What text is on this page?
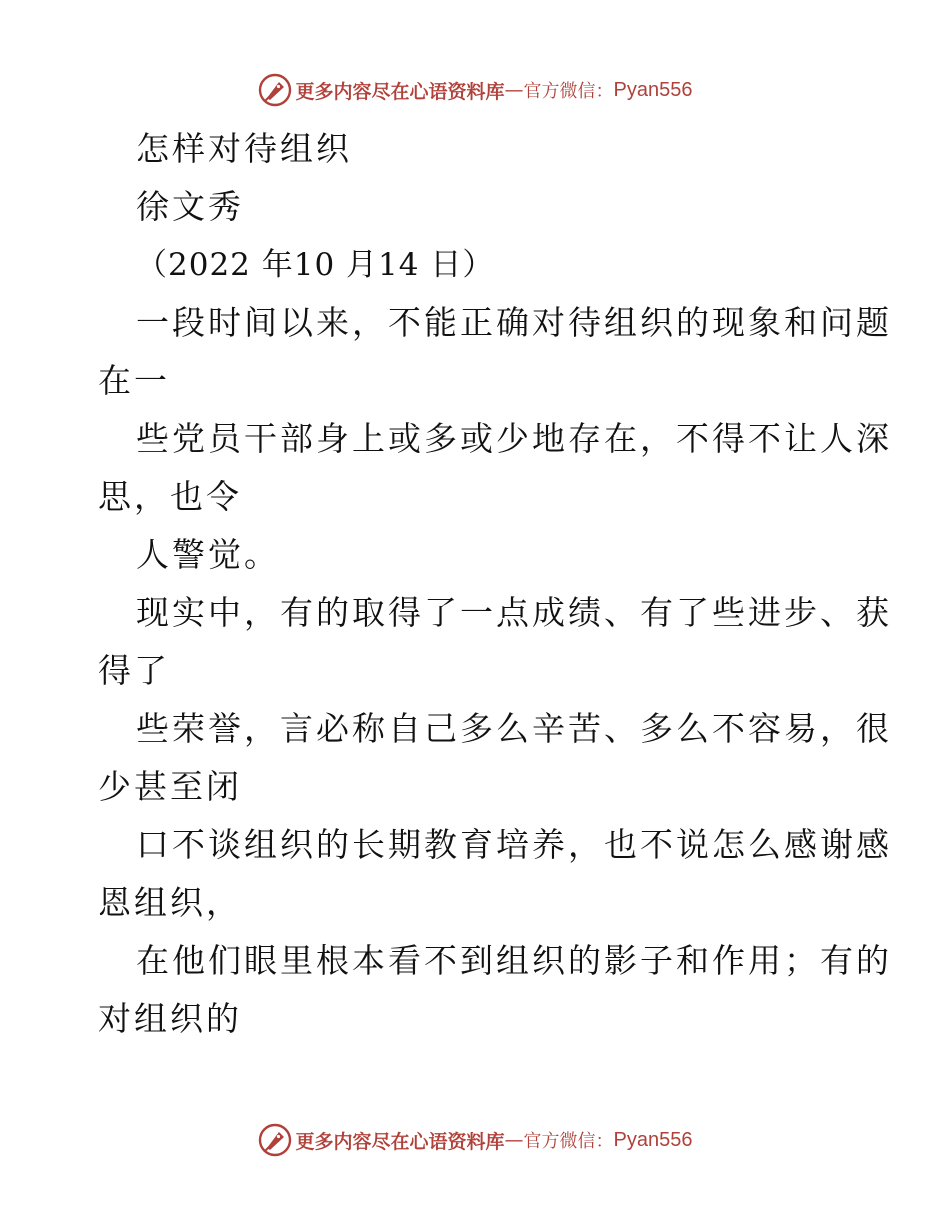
更多内容尽在心语资料库 — 官方微信： Pyan556
怎样对待组织
徐文秀
（2022 年10 月14 日）
一段时间以来，不能正确对待组织的现象和问题
在一
些党员干部身上或多或少地存在，不得不让人深
思，也令
人警觉。
现实中，有的取得了一点成绩、有了些进步、获
得了
些荣誉，言必称自己多么辛苦、多么不容易，很
少甚至闭
口不谈组织的长期教育培养，也不说怎么感谢感
恩组织，
在他们眼里根本看不到组织的影子和作用；有的
对组织的
更多内容尽在心语资料库 — 官方微信： Pyan556
